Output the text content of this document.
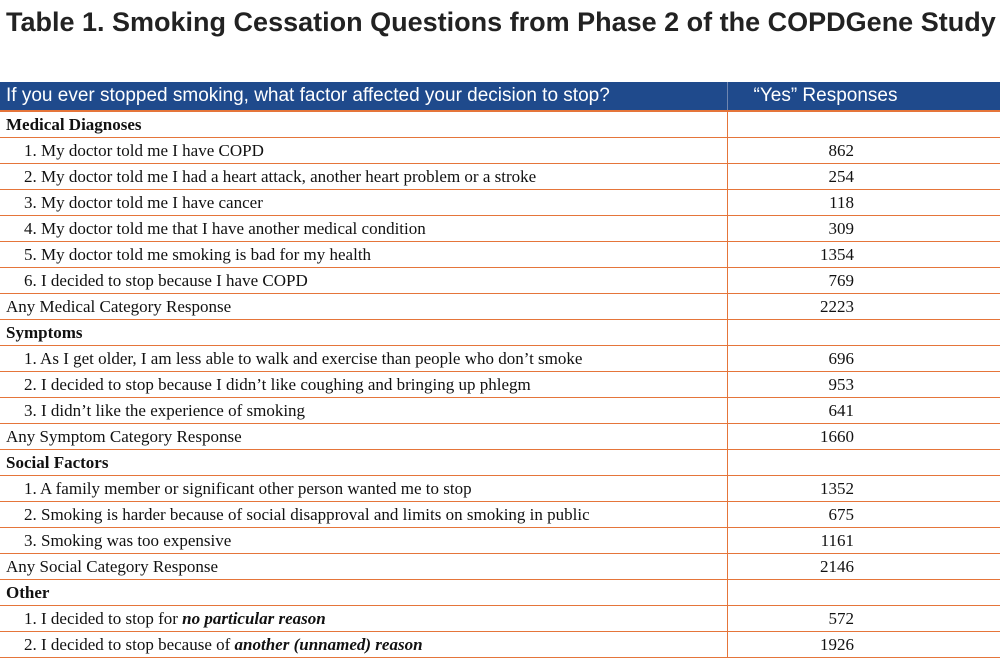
Table 1. Smoking Cessation Questions from Phase 2 of the COPDGene Study
If you ever stopped smoking, what factor affected your decision to stop?	“Yes” Responses
Medical Diagnoses	
1. My doctor told me I have COPD	862
2. My doctor told me I had a heart attack, another heart problem or a stroke	254
3. My doctor told me I have cancer	118
4. My doctor told me that I have another medical condition	309
5. My doctor told me smoking is bad for my health	1354
6. I decided to stop because I have COPD	769
Any Medical Category Response	2223
Symptoms	
1. As I get older, I am less able to walk and exercise than people who don’t smoke	696
2. I decided to stop because I didn’t like coughing and bringing up phlegm	953
3. I didn’t like the experience of smoking	641
Any Symptom Category Response	1660
Social Factors	
1. A family member or significant other person wanted me to stop	1352
2. Smoking is harder because of social disapproval and limits on smoking in public	675
3. Smoking was too expensive	1161
Any Social Category Response	2146
Other	
1. I decided to stop for no particular reason	572
2. I decided to stop because of another (unnamed) reason	1926
